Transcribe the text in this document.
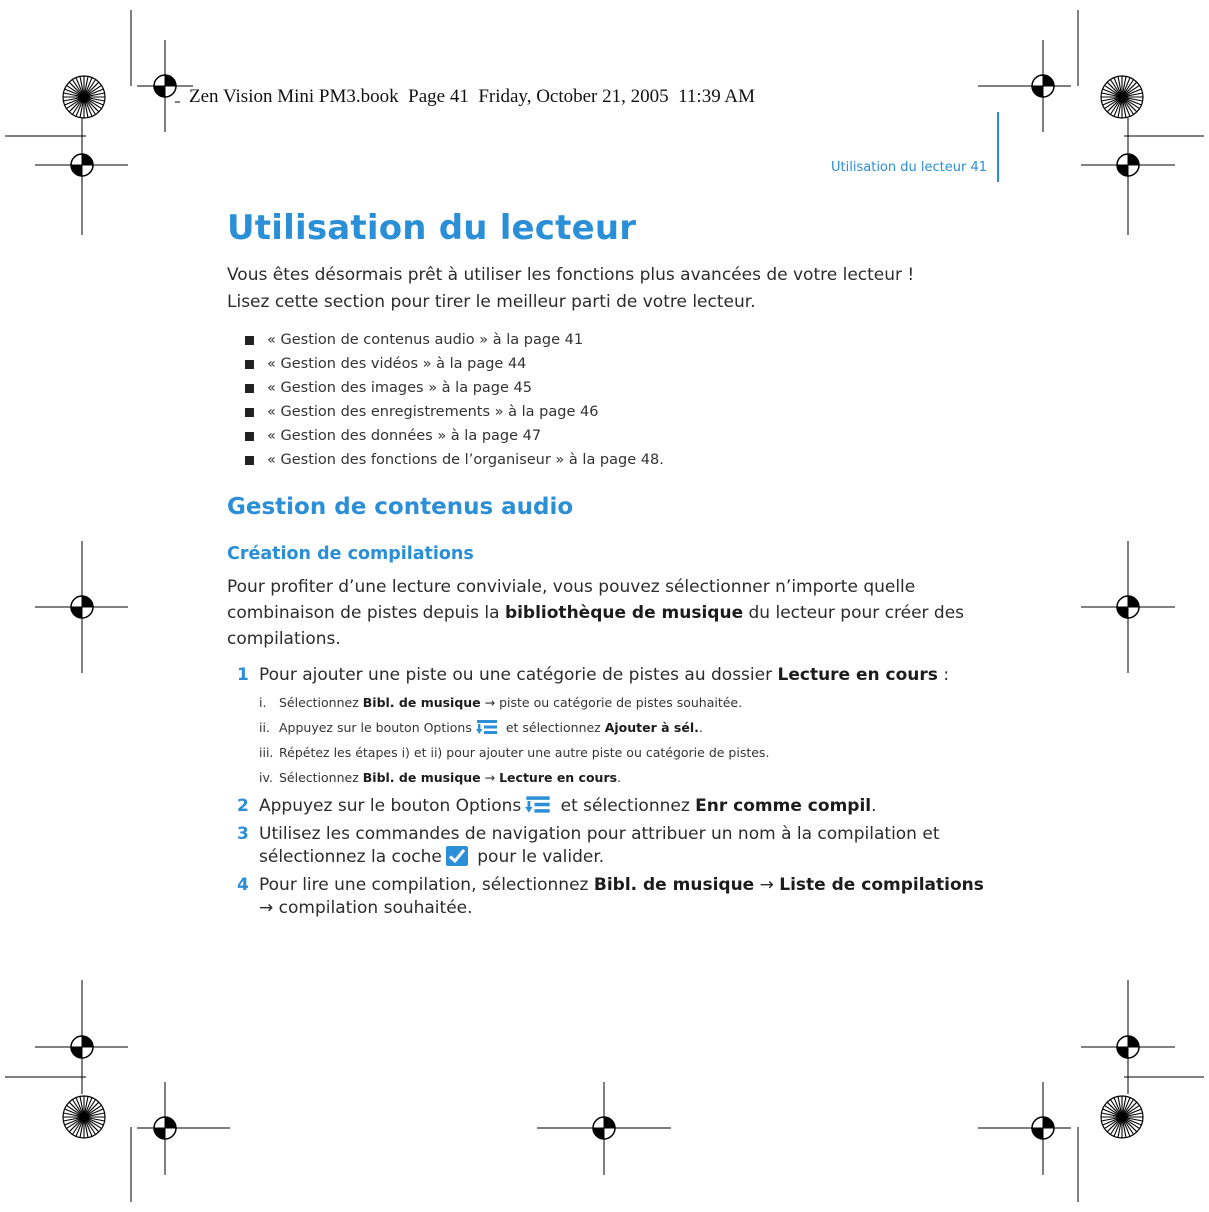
Zen Vision Mini PM3.book  Page 41  Friday, October 21, 2005  11:39 AM
Utilisation du lecteur 41
Utilisation du lecteur

Vous êtes désormais prêt à utiliser les fonctions plus avancées de votre lecteur !
Lisez cette section pour tirer le meilleur parti de votre lecteur.

« Gestion de contenus audio » à la page 41
« Gestion des vidéos » à la page 44
« Gestion des images » à la page 45
« Gestion des enregistrements » à la page 46
« Gestion des données » à la page 47
« Gestion des fonctions de l’organiseur » à la page 48.
Gestion de contenus audio
Création de compilations

Pour profiter d’une lecture conviviale, vous pouvez sélectionner n’importe quelle combinaison de pistes depuis la bibliothèque de musique du lecteur pour créer des compilations.

1 Pour ajouter une piste ou une catégorie de pistes au dossier Lecture en cours :
i. Sélectionnez Bibl. de musique → piste ou catégorie de pistes souhaitée.
ii. Appuyez sur le bouton Options et sélectionnez Ajouter à sél..
iii. Répétez les étapes i) et ii) pour ajouter une autre piste ou catégorie de pistes.
iv. Sélectionnez Bibl. de musique → Lecture en cours.
2 Appuyez sur le bouton Options et sélectionnez Enr comme compil.
3 Utilisez les commandes de navigation pour attribuer un nom à la compilation et sélectionnez la coche pour le valider.
4 Pour lire une compilation, sélectionnez Bibl. de musique → Liste de compilations → compilation souhaitée.
